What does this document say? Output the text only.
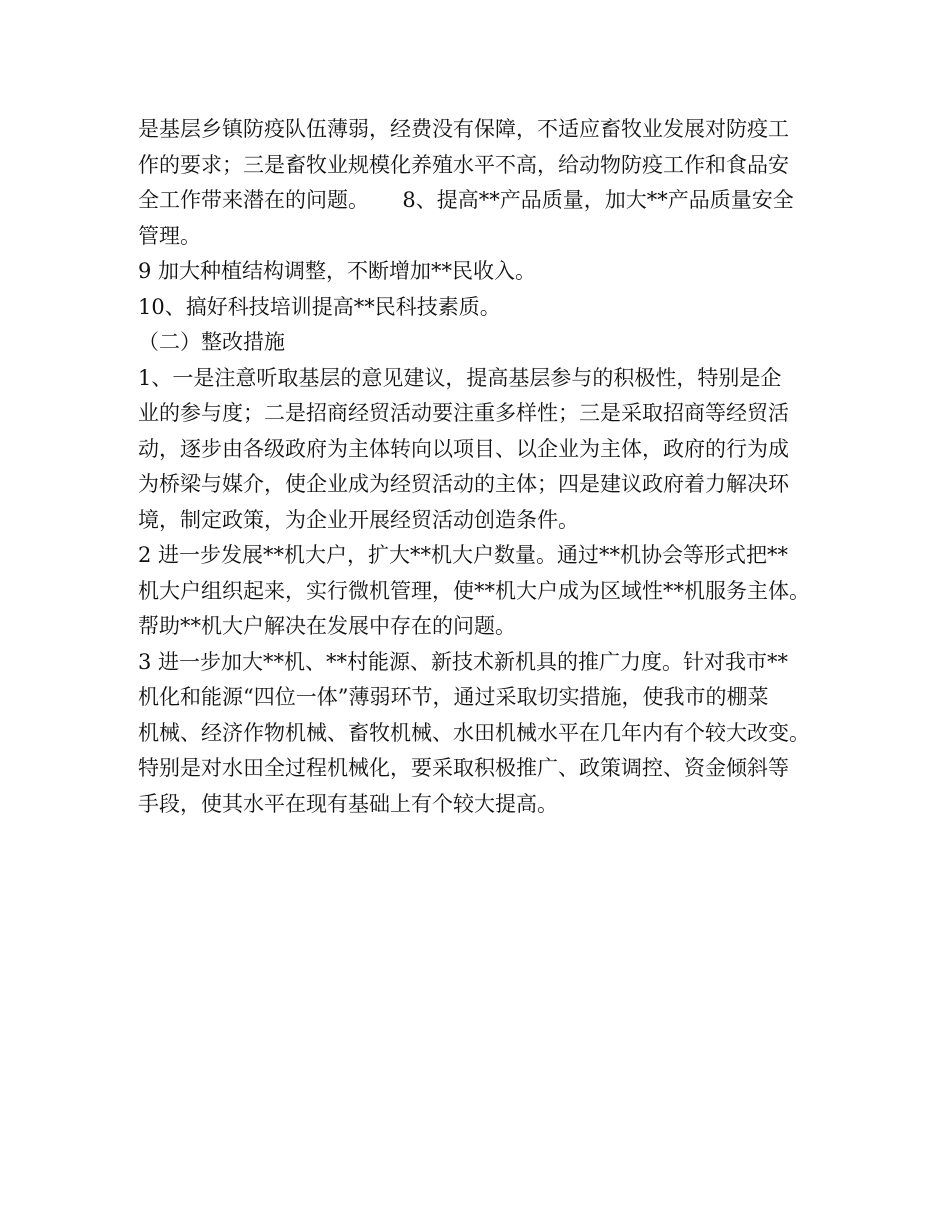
是基层乡镇防疫队伍薄弱，经费没有保障，不适应畜牧业发展对防疫工
作的要求；三是畜牧业规模化养殖水平不高，给动物防疫工作和食品安
全工作带来潜在的问题。     8、提高**产品质量，加大**产品质量安全
管理。
9 加大种植结构调整，不断增加**民收入。
10、搞好科技培训提高**民科技素质。
（二）整改措施
1、一是注意听取基层的意见建议，提高基层参与的积极性，特别是企
业的参与度；二是招商经贸活动要注重多样性；三是采取招商等经贸活
动，逐步由各级政府为主体转向以项目、以企业为主体，政府的行为成
为桥梁与媒介，使企业成为经贸活动的主体；四是建议政府着力解决环
境，制定政策，为企业开展经贸活动创造条件。
2 进一步发展**机大户，扩大**机大户数量。通过**机协会等形式把**
机大户组织起来，实行微机管理，使**机大户成为区域性**机服务主体。
帮助**机大户解决在发展中存在的问题。
3 进一步加大**机、**村能源、新技术新机具的推广力度。针对我市**
机化和能源“四位一体”薄弱环节，通过采取切实措施，使我市的棚菜
机械、经济作物机械、畜牧机械、水田机械水平在几年内有个较大改变。
特别是对水田全过程机械化，要采取积极推广、政策调控、资金倾斜等
手段，使其水平在现有基础上有个较大提高。
